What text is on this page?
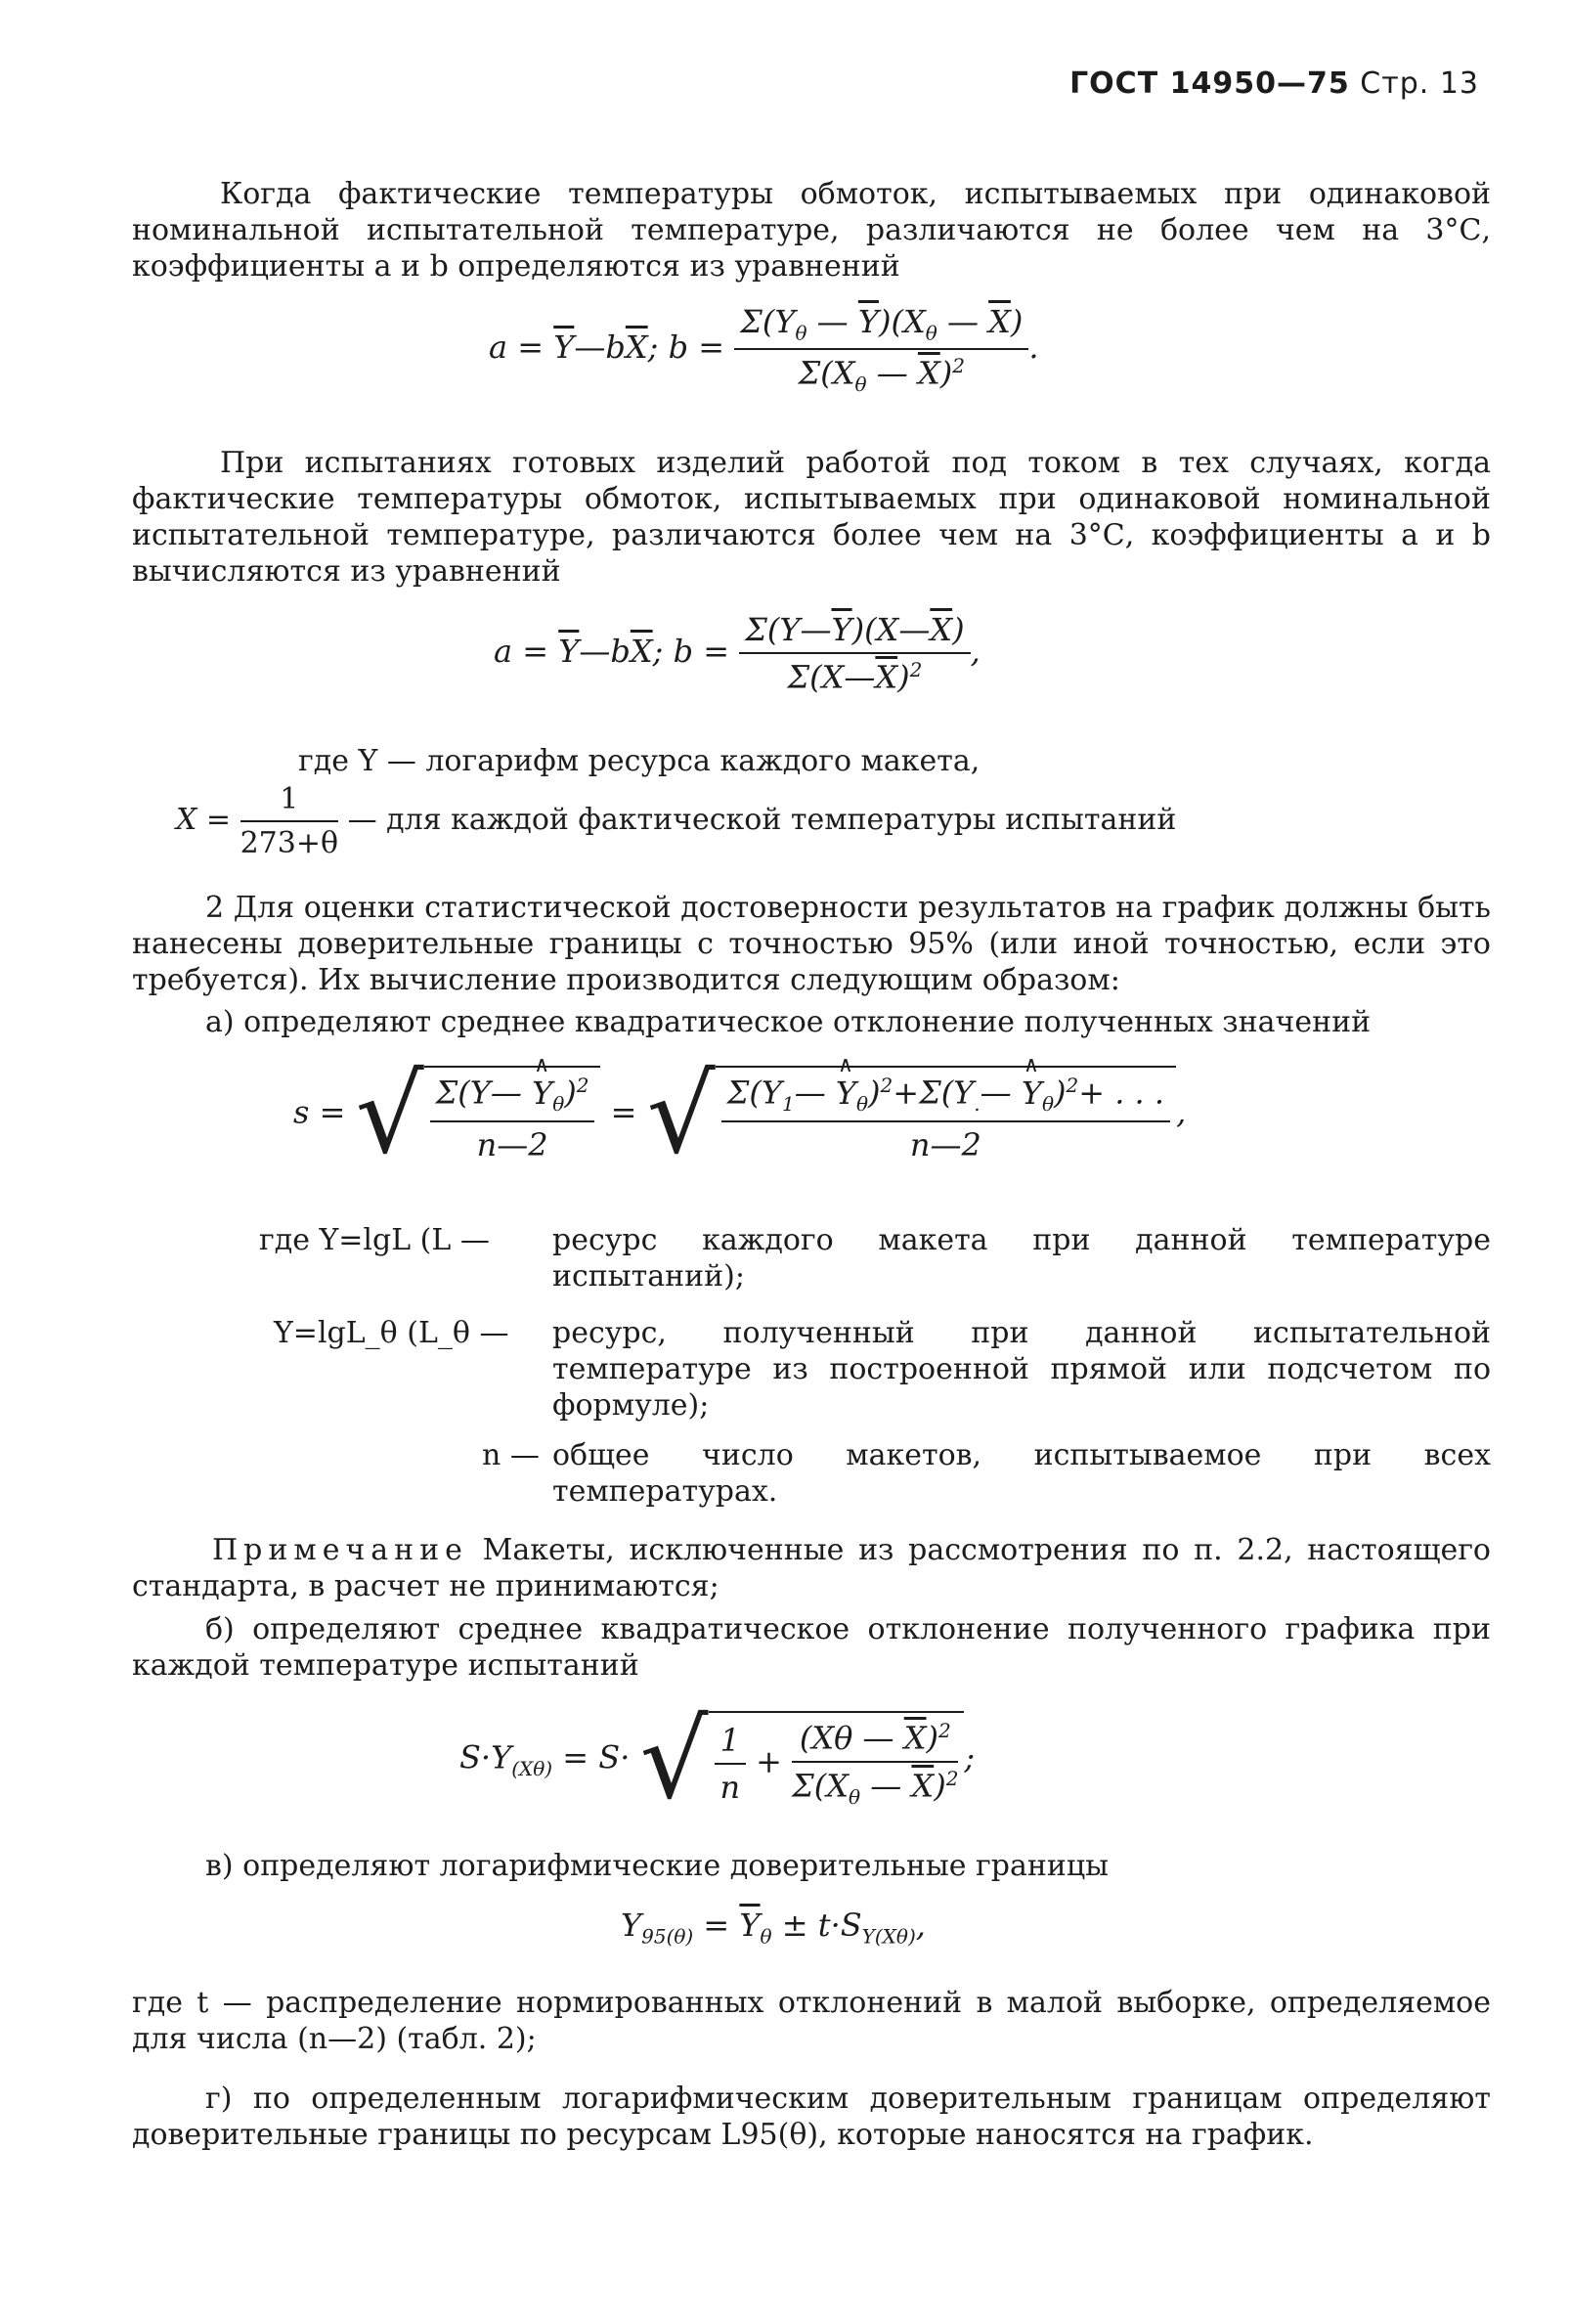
ГОСТ 14950—75 Стр. 13
Когда фактические температуры обмоток, испытываемых при одинаковой номинальной испытательной температуре, различаются не более чем на 3°С, коэффициенты a и b определяются из уравнений
$a = \overline{Y}—b\overline{X}$; $b = \frac{\Sigma(Y_\theta — \overline{Y})(X_\theta — \overline{X})}{\Sigma(X_\theta — \overline{X})^2}$ .
При испытаниях готовых изделий работой под током в тех случаях, когда фактические температуры обмоток, испытываемых при одинаковой номинальной испытательной температуре, различаются более чем на 3°С, коэффициенты a и b вычисляются из уравнений
$a = \overline{Y}—b\overline{X}$; $b = \frac{\Sigma(Y—\overline{Y})(X—\overline{X})}{\Sigma(X—\overline{X})^2}$ ,
где Y — логарифм ресурса каждого макета,
$X = \frac{1}{273+\theta}$ — для каждой фактической температуры испытаний
2 Для оценки статистической достоверности результатов на график должны быть нанесены доверительные границы с точностью 95% (или иной точностью, если это требуется). Их вычисление производится следующим образом:
а) определяют среднее квадратическое отклонение полученных значений
s = √ $\frac{\Sigma(Y— \wedge Y_\theta)^2}{n—2}$ = √ $\frac{\Sigma(Y_1— \wedge Y_\theta)^2+\Sigma(Y_.— \wedge Y_\theta)^2+ . . .}{n—2}$ ,
где Y=lgL (L — ресурс каждого макета при данной температуре испытаний);
Y=lgL_θ (L_θ — ресурс, полученный при данной испытательной температуре из построенной прямой или подсчетом по формуле);
n — общее число макетов, испытываемое при всех температурах.
Примечание Макеты, исключенные из рассмотрения по п. 2.2, настоящего стандарта, в расчет не принимаются;
б) определяют среднее квадратическое отклонение полученного графика при каждой температуре испытаний
$S\cdot Y_{(X\theta)} = S\cdot$ √ $\frac{1}{n} + \frac{(X\theta — \overline{X})^2}{\Sigma(X_\theta — \overline{X})^2}$ ;
в) определяют логарифмические доверительные границы
$Y_{95(\theta)} = \overline{Y}_\theta \pm t\cdot S_{Y(X\theta)}$,
где t — распределение нормированных отклонений в малой выборке, определяемое для числа (n—2) (табл. 2);
г) по определенным логарифмическим доверительным границам определяют доверительные границы по ресурсам L95(θ), которые наносятся на график.
